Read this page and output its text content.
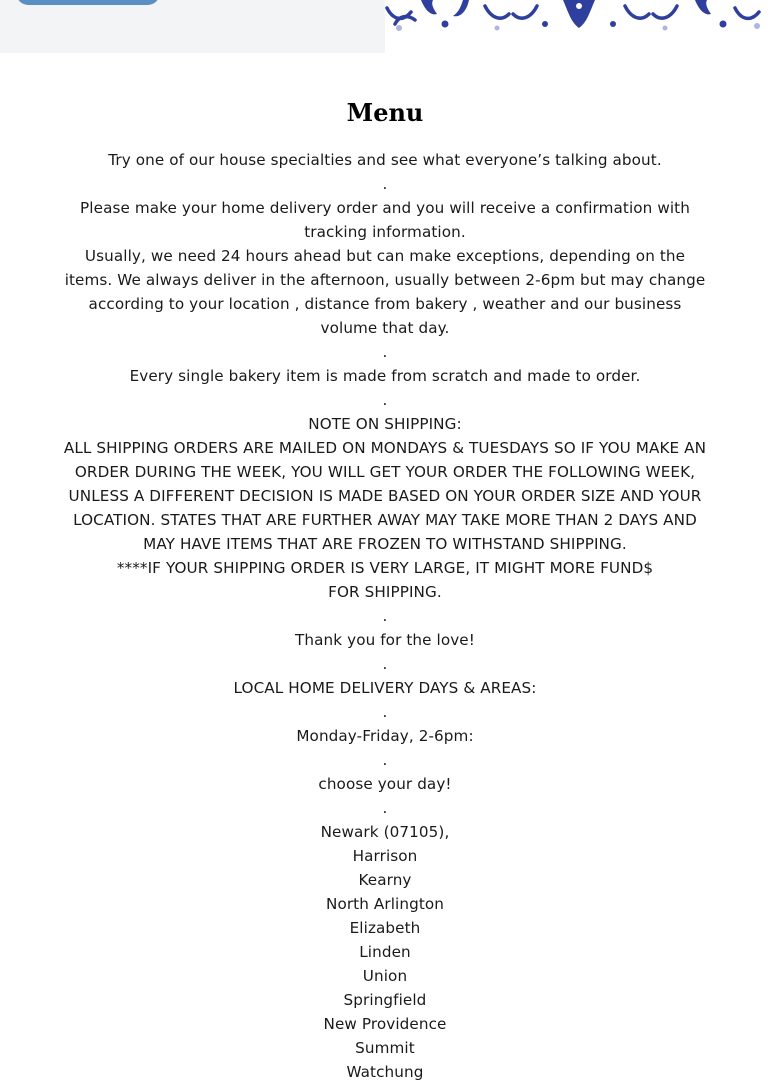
Menu

Try one of our house specialties and see what everyone’s talking about.

.

Please make your home delivery order and you will receive a confirmation with tracking information.

Usually, we need 24 hours ahead but can make exceptions, depending on the items. We always deliver in the afternoon, usually between 2-6pm but may change according to your location , distance from bakery , weather and our business volume that day.

.

Every single bakery item is made from scratch and made to order.

.

NOTE ON SHIPPING:

ALL SHIPPING ORDERS ARE MAILED ON MONDAYS & TUESDAYS SO IF YOU MAKE AN ORDER DURING THE WEEK, YOU WILL GET YOUR ORDER THE FOLLOWING WEEK, UNLESS A DIFFERENT DECISION IS MADE BASED ON YOUR ORDER SIZE AND YOUR LOCATION. STATES THAT ARE FURTHER AWAY MAY TAKE MORE THAN 2 DAYS AND MAY HAVE ITEMS THAT ARE FROZEN TO WITHSTAND SHIPPING.

****IF YOUR SHIPPING ORDER IS VERY LARGE, IT MIGHT MORE FUND$

FOR SHIPPING.

.

Thank you for the love!

.

LOCAL HOME DELIVERY DAYS & AREAS:

.

Monday-Friday, 2-6pm:

.

choose your day!

.

Newark (07105),

Harrison

Kearny

North Arlington

Elizabeth

Linden

Union

Springfield

New Providence

Summit

Watchung
